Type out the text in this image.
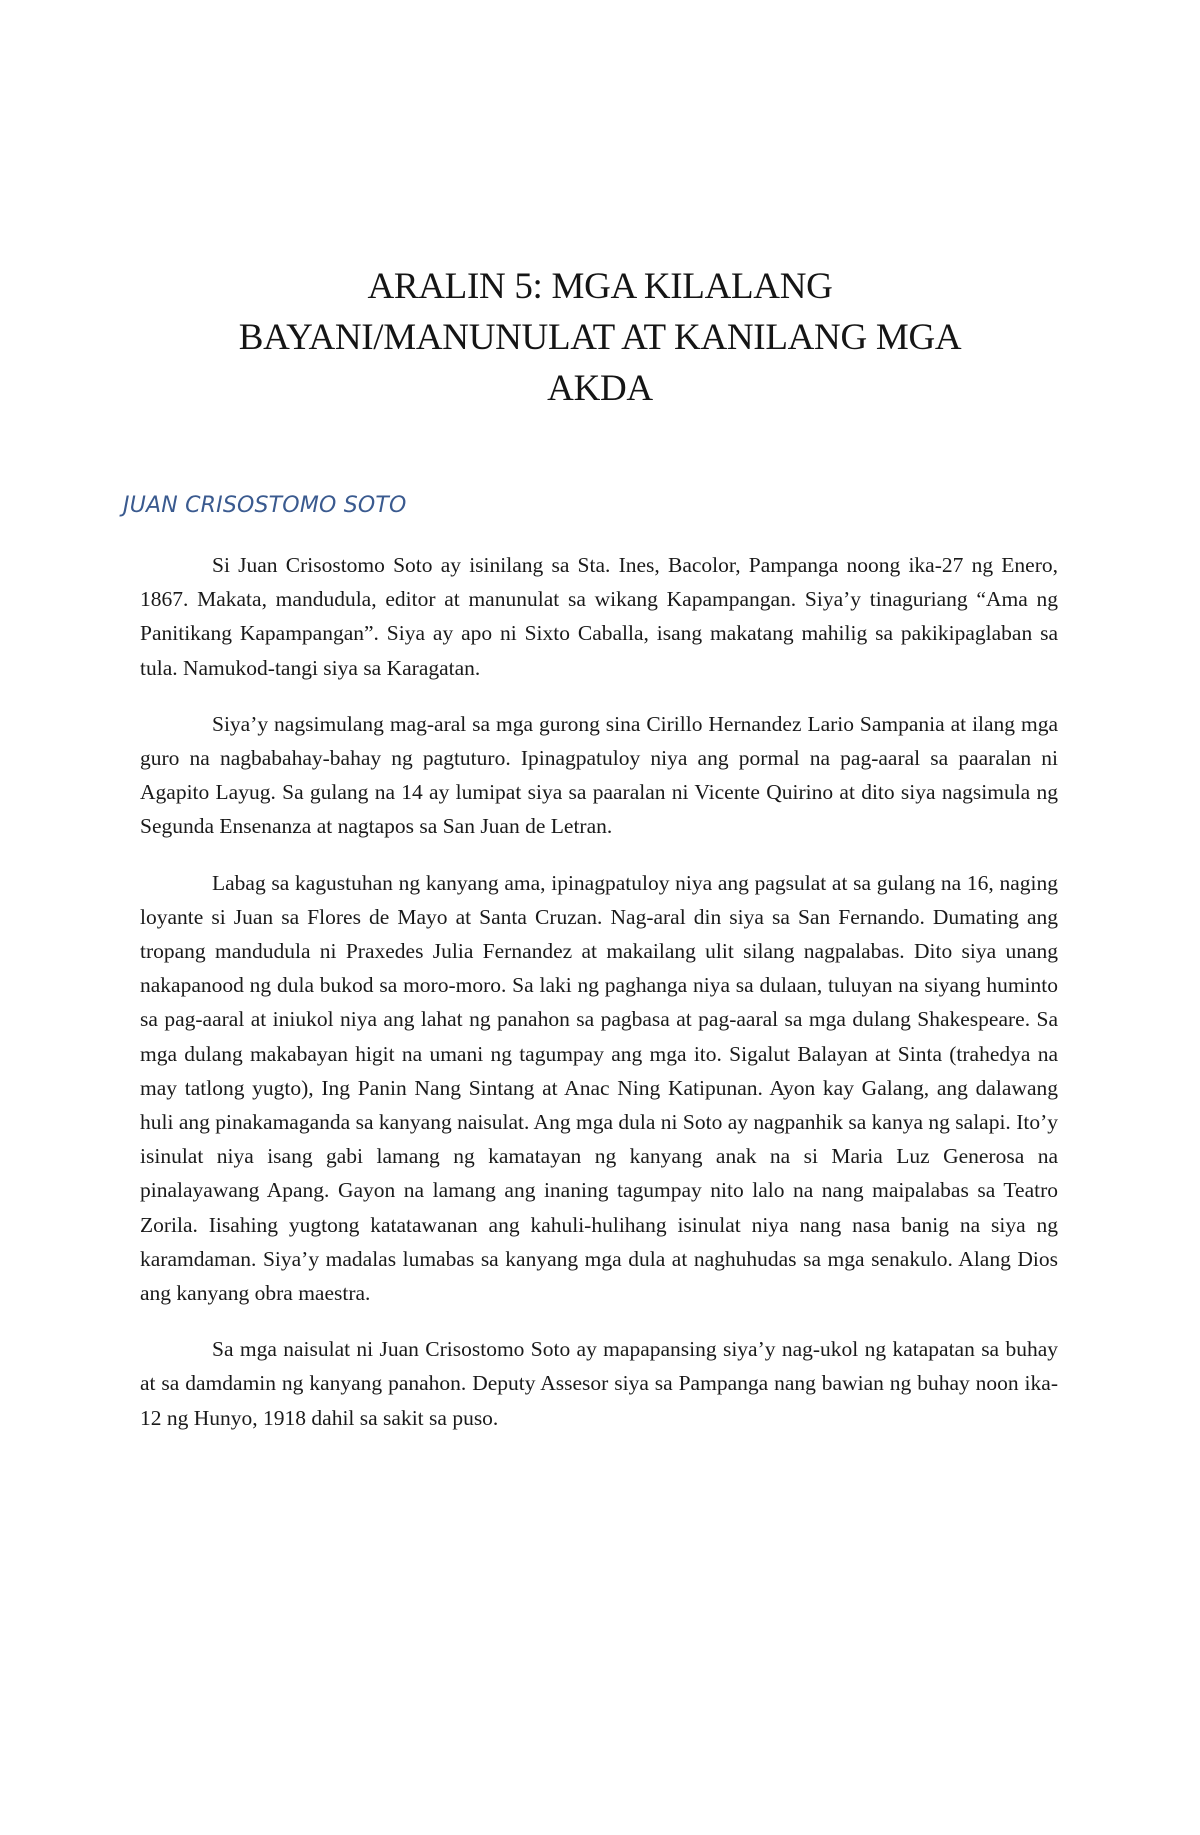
ARALIN 5: MGA KILALANG
BAYANI/MANUNULAT AT KANILANG MGA
AKDA
JUAN CRISOSTOMO SOTO

Si Juan Crisostomo Soto ay isinilang sa Sta. Ines, Bacolor, Pampanga noong ika-27 ng Enero, 1867. Makata, mandudula, editor at manunulat sa wikang Kapampangan. Siya’y tinaguriang “Ama ng Panitikang Kapampangan”. Siya ay apo ni Sixto Caballa, isang makatang mahilig sa pakikipaglaban sa tula. Namukod-tangi siya sa Karagatan.

Siya’y nagsimulang mag-aral sa mga gurong sina Cirillo Hernandez Lario Sampania at ilang mga guro na nagbabahay-bahay ng pagtuturo. Ipinagpatuloy niya ang pormal na pag-aaral sa paaralan ni Agapito Layug. Sa gulang na 14 ay lumipat siya sa paaralan ni Vicente Quirino at dito siya nagsimula ng Segunda Ensenanza at nagtapos sa San Juan de Letran.

Labag sa kagustuhan ng kanyang ama, ipinagpatuloy niya ang pagsulat at sa gulang na 16, naging loyante si Juan sa Flores de Mayo at Santa Cruzan. Nag-aral din siya sa San Fernando. Dumating ang tropang mandudula ni Praxedes Julia Fernandez at makailang ulit silang nagpalabas. Dito siya unang nakapanood ng dula bukod sa moro-moro. Sa laki ng paghanga niya sa dulaan, tuluyan na siyang huminto sa pag-aaral at iniukol niya ang lahat ng panahon sa pagbasa at pag-aaral sa mga dulang Shakespeare. Sa mga dulang makabayan higit na umani ng tagumpay ang mga ito. Sigalut Balayan at Sinta (trahedya na may tatlong yugto), Ing Panin Nang Sintang at Anac Ning Katipunan. Ayon kay Galang, ang dalawang huli ang pinakamaganda sa kanyang naisulat. Ang mga dula ni Soto ay nagpanhik sa kanya ng salapi. Ito’y isinulat niya isang gabi lamang ng kamatayan ng kanyang anak na si Maria Luz Generosa na pinalayawang Apang. Gayon na lamang ang inaning tagumpay nito lalo na nang maipalabas sa Teatro Zorila. Iisahing yugtong katatawanan ang kahuli-hulihang isinulat niya nang nasa banig na siya ng karamdaman. Siya’y madalas lumabas sa kanyang mga dula at naghuhudas sa mga senakulo. Alang Dios ang kanyang obra maestra.

Sa mga naisulat ni Juan Crisostomo Soto ay mapapansing siya’y nag-ukol ng katapatan sa buhay at sa damdamin ng kanyang panahon. Deputy Assesor siya sa Pampanga nang bawian ng buhay noon ika-12 ng Hunyo, 1918 dahil sa sakit sa puso.
